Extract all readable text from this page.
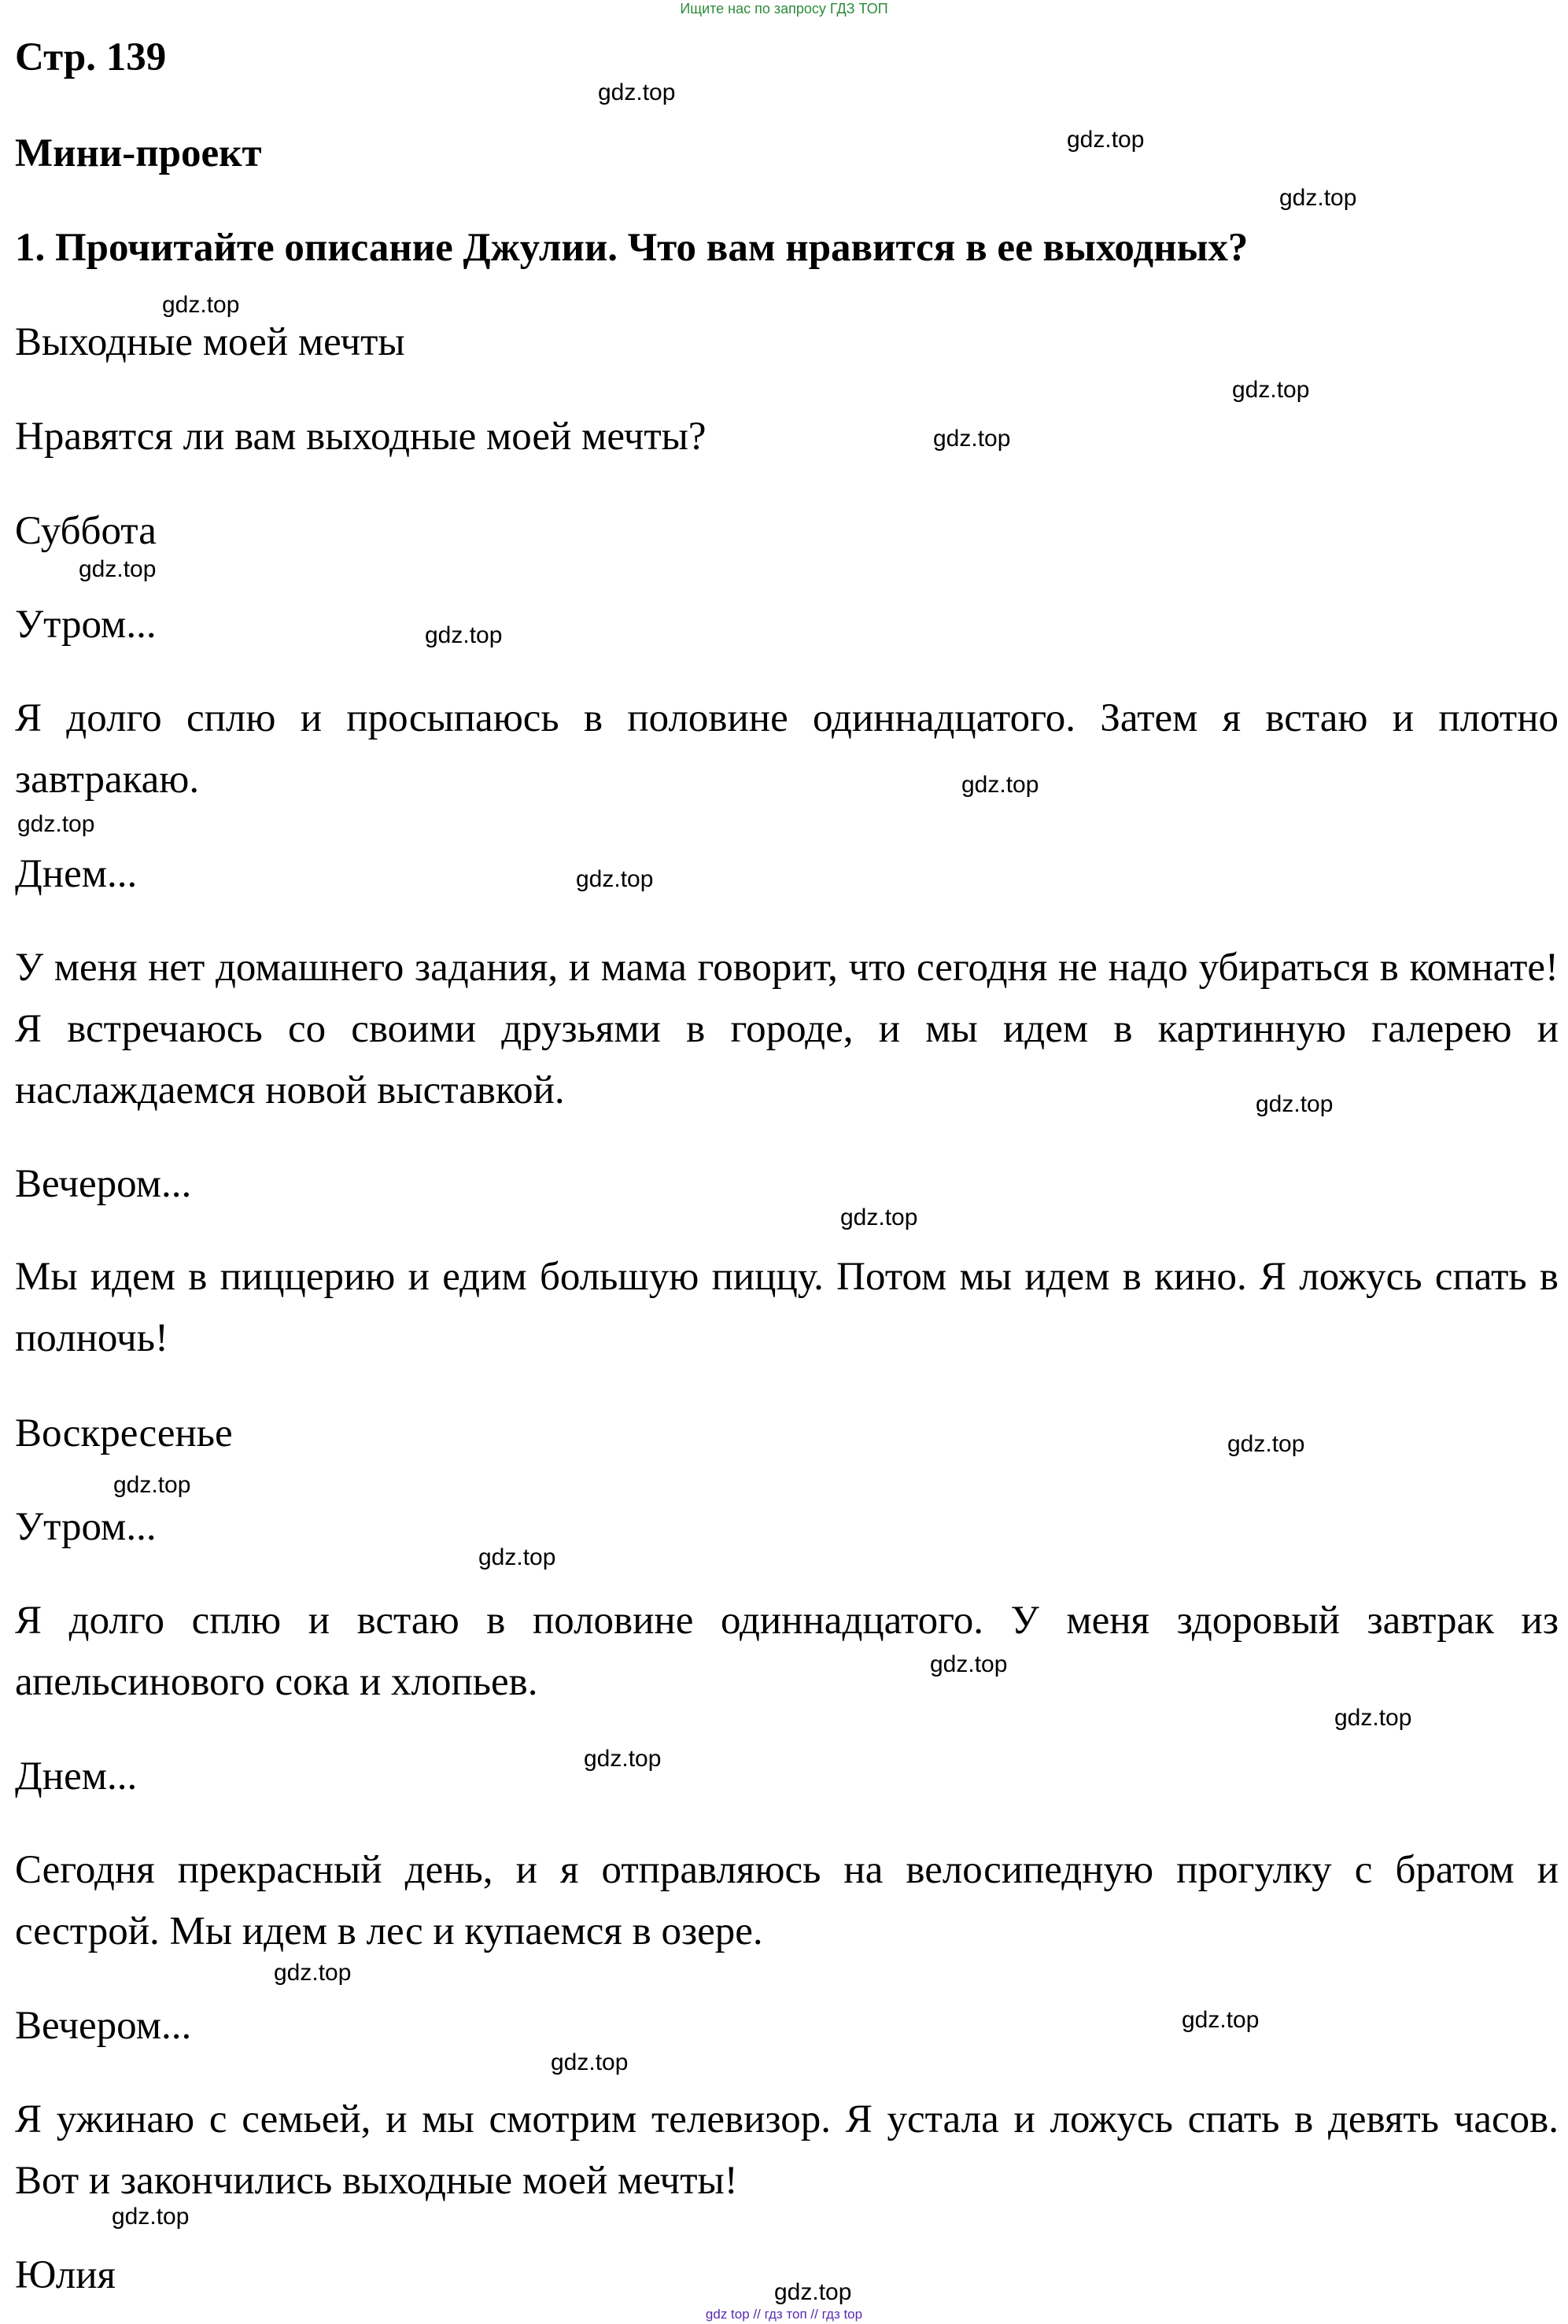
Ищите нас по запросу ГДЗ ТОП
Стр. 139
Мини-проект
1. Прочитайте описание Джулии. Что вам нравится в ее выходных?

Выходные моей мечты

Нравятся ли вам выходные моей мечты?

Суббота

Утром...

Я долго сплю и просыпаюсь в половине одиннадцатого. Затем я встаю и плотно завтракаю.

Днем...

У меня нет домашнего задания, и мама говорит, что сегодня не надо убираться в комнате! Я встречаюсь со своими друзьями в городе, и мы идем в картинную галерею и наслаждаемся новой выставкой.

Вечером...

Мы идем в пиццерию и едим большую пиццу. Потом мы идем в кино. Я ложусь спать в полночь!

Воскресенье

Утром...

Я долго сплю и встаю в половине одиннадцатого. У меня здоровый завтрак из апельсинового сока и хлопьев.

Днем...

Сегодня прекрасный день, и я отправляюсь на велосипедную прогулку с братом и сестрой. Мы идем в лес и купаемся в озере.

Вечером...

Я ужинаю с семьей, и мы смотрим телевизор. Я устала и ложусь спать в девять часов. Вот и закончились выходные моей мечты!

Юлия

gdz.top
gdz.top
gdz.top
gdz.top
gdz.top
gdz.top
gdz.top
gdz.top
gdz.top
gdz.top
gdz.top
gdz.top
gdz.top
gdz.top
gdz.top
gdz.top
gdz.top
gdz.top
gdz.top
gdz.top
gdz.top
gdz.top
gdz.top
gdz.top
gdz top // гдз топ // гдз top
